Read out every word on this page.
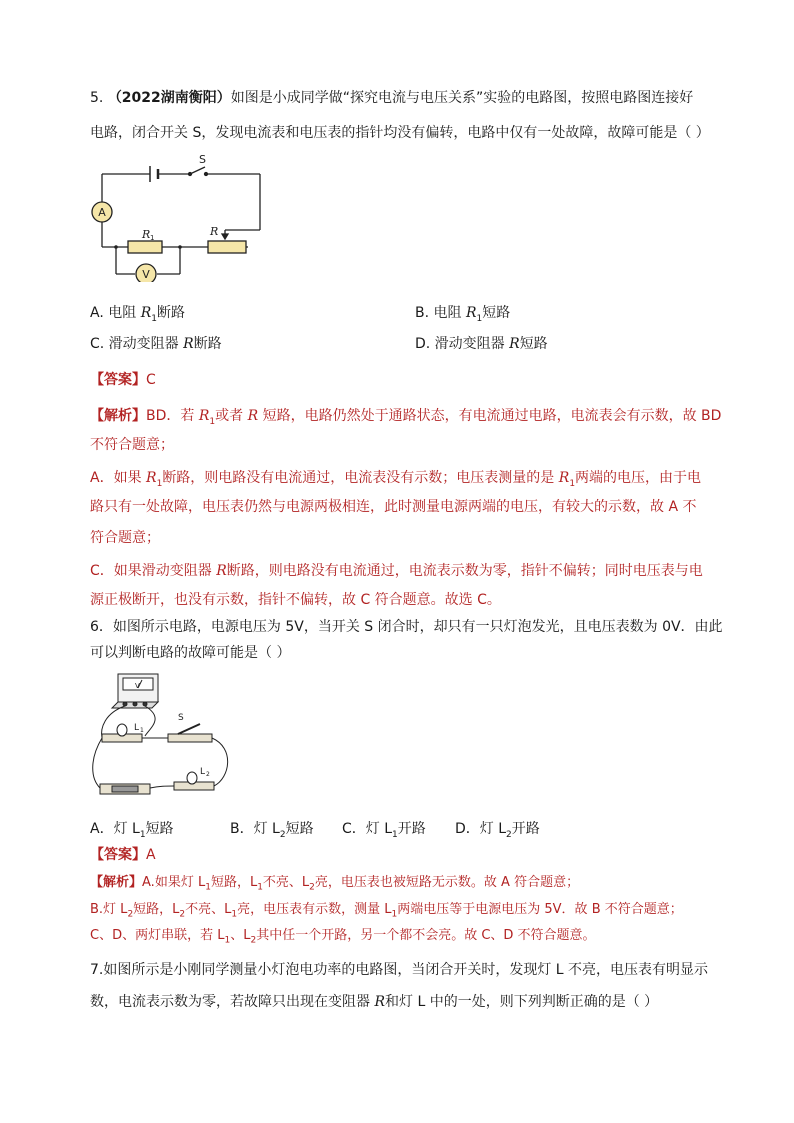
5. （2022湖南衡阳）如图是小成同学做“探究电流与电压关系”实验的电路图，按照电路图连接好
电路，闭合开关 S，发现电流表和电压表的指针均没有偏转，电路中仅有一处故障，故障可能是（ ）
A
V
S
R 1	R
A. 电阻 $R_1$断路	B. 电阻 $R_1$短路
C. 滑动变阻器 R断路	D. 滑动变阻器 R短路
【答案】C
【解析】BD．若 $R_1$或者 R 短路，电路仍然处于通路状态，有电流通过电路，电流表会有示数，故 BD
不符合题意；
A．如果 $R_1$断路，则电路没有电流通过，电流表没有示数；电压表测量的是 $R_1$两端的电压，由于电
路只有一处故障，电压表仍然与电源两极相连，此时测量电源两端的电压，有较大的示数，故 A 不
符合题意；
C．如果滑动变阻器 R断路，则电路没有电流通过，电流表示数为零，指针不偏转；同时电压表与电
源正极断开，也没有示数，指针不偏转，故 C 符合题意。故选 C。
6．如图所示电路，电源电压为 5V，当开关 S 闭合时，却只有一只灯泡发光，且电压表数为 0V．由此
可以判断电路的故障可能是（ ）
L 1
L 2
S
V
A．灯 $L_1$短路	B．灯 $L_2$短路 C．灯 $L_1$开路 D．灯 $L_2$开路
【答案】A
【解析】A.如果灯 $L_1$短路，$L_1$不亮、$L_2$亮，电压表也被短路无示数。故 A 符合题意；
B.灯 $L_2$短路，$L_2$不亮、$L_1$亮，电压表有示数，测量 $L_1$两端电压等于电源电压为 5V．故 B 不符合题意；
C、D、两灯串联，若 $L_1$、$L_2$其中任一个开路，另一个都不会亮。故 C、D 不符合题意。
7.如图所示是小刚同学测量小灯泡电功率的电路图，当闭合开关时，发现灯 L 不亮，电压表有明显示
数，电流表示数为零，若故障只出现在变阻器 R和灯 L 中的一处，则下列判断正确的是（ ）
